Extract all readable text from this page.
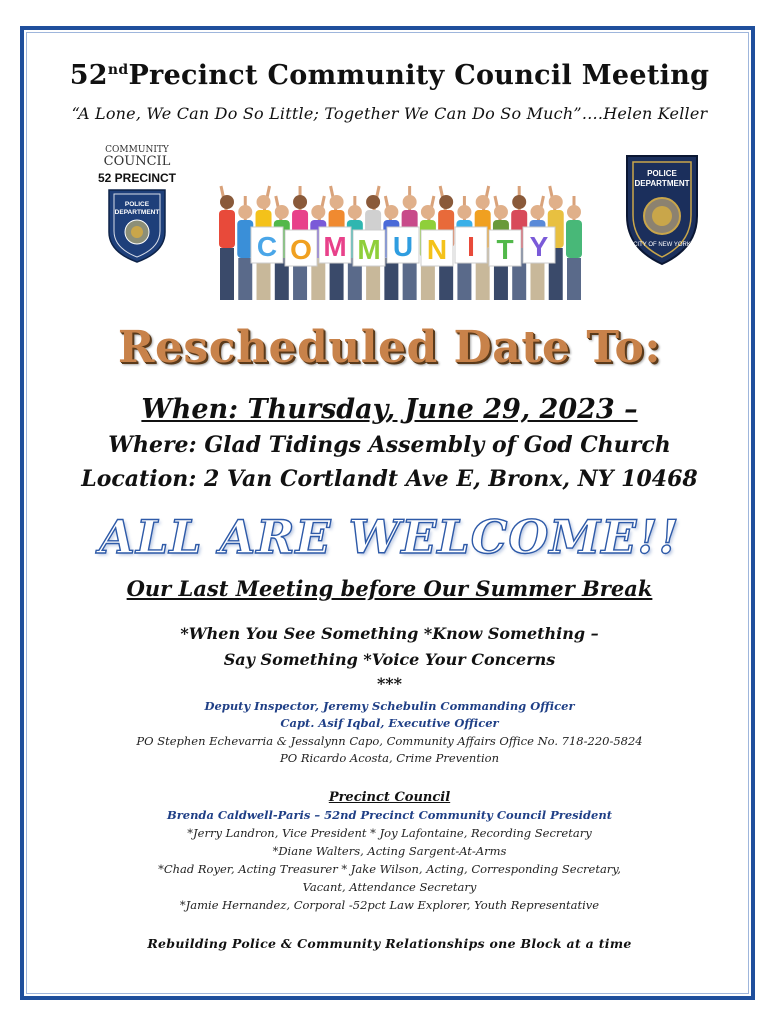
52ndPrecinct Community Council Meeting
“A Lone, We Can Do So Little; Together We Can Do So Much”….Helen Keller
COMMUNITY
COUNCIL
52 PRECINCT
POLICE
DEPARTMENT
POLICE
DEPARTMENT
CITY OF NEW YORK
C O M M U N I T Y
Rescheduled Date To:
When: Thursday, June 29, 2023 –
Where: Glad Tidings Assembly of God Church
Location: 2 Van Cortlandt Ave E, Bronx, NY 10468
ALL ARE WELCOME!!
Our Last Meeting before Our Summer Break
*When You See Something *Know Something –
Say Something *Voice Your Concerns
***
Deputy Inspector, Jeremy Schebulin Commanding Officer
Capt. Asif Iqbal, Executive Officer
PO Stephen Echevarria & Jessalynn Capo, Community Affairs Office No. 718-220-5824
PO Ricardo Acosta, Crime Prevention
Precinct Council
Brenda Caldwell-Paris – 52nd Precinct Community Council President
*Jerry Landron, Vice President * Joy Lafontaine, Recording Secretary
*Diane Walters, Acting Sargent-At-Arms
*Chad Royer, Acting Treasurer * Jake Wilson, Acting, Corresponding Secretary,
Vacant, Attendance Secretary
*Jamie Hernandez, Corporal -52pct Law Explorer, Youth Representative
Rebuilding Police & Community Relationships one Block at a time
